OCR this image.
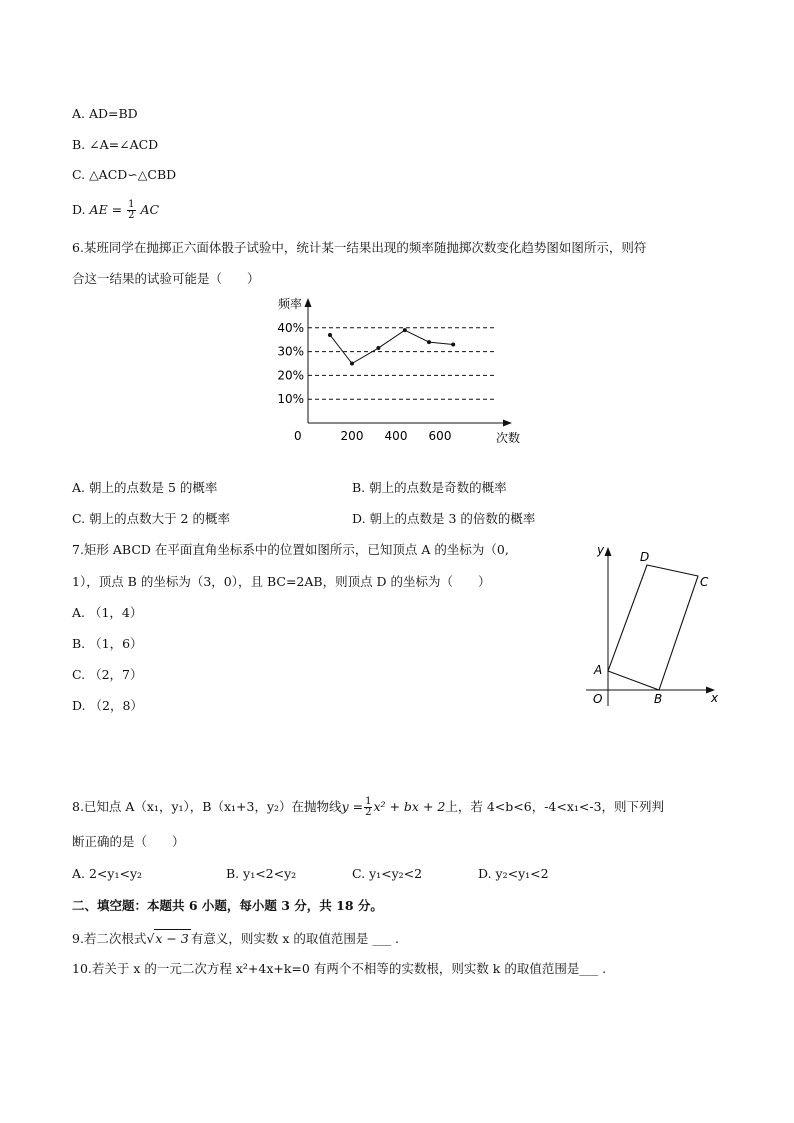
A. AD=BD
B. ∠A=∠ACD
C. △ACD∽△CBD
D. AE = $\frac{1}{2}$ AC
6.某班同学在抛掷正六面体骰子试验中，统计某一结果出现的频率随抛掷次数变化趋势图如图所示，则符
合这一结果的试验可能是（　　）
频率
次数
0
10%
20%
30%
40%
200 400 600
A. 朝上的点数是 5 的概率	B. 朝上的点数是奇数的概率
C. 朝上的点数大于 2 的概率	D. 朝上的点数是 3 的倍数的概率
7.矩形 ABCD 在平面直角坐标系中的位置如图所示，已知顶点 A 的坐标为（0,
1），顶点 B 的坐标为（3，0），且 BC=2AB，则顶点 D 的坐标为（　　）
A. （1，4）
B. （1，6）
C. （2，7）
D. （2，8）
y
x
O
A
B
C
D
8.已知点 A（x₁，y₁），B（x₁+3，y₂）在抛物线$y = \frac{1}{2} x^2$ + bx + 2上，若 4<b<6，-4<x₁<-3，则下列判
断正确的是（　　）
A. 2<y₁<y₂	B. y₁<2<y₂	C. y₁<y₂<2	D. y₂<y₁<2
二、填空题：本题共 6 小题，每小题 3 分，共 18 分。
9.若二次根式√x − 3 有意义，则实数 x 的取值范围是 ___ .
10.若关于 x 的一元二次方程 x²+4x+k=0 有两个不相等的实数根，则实数 k 的取值范围是___ .
